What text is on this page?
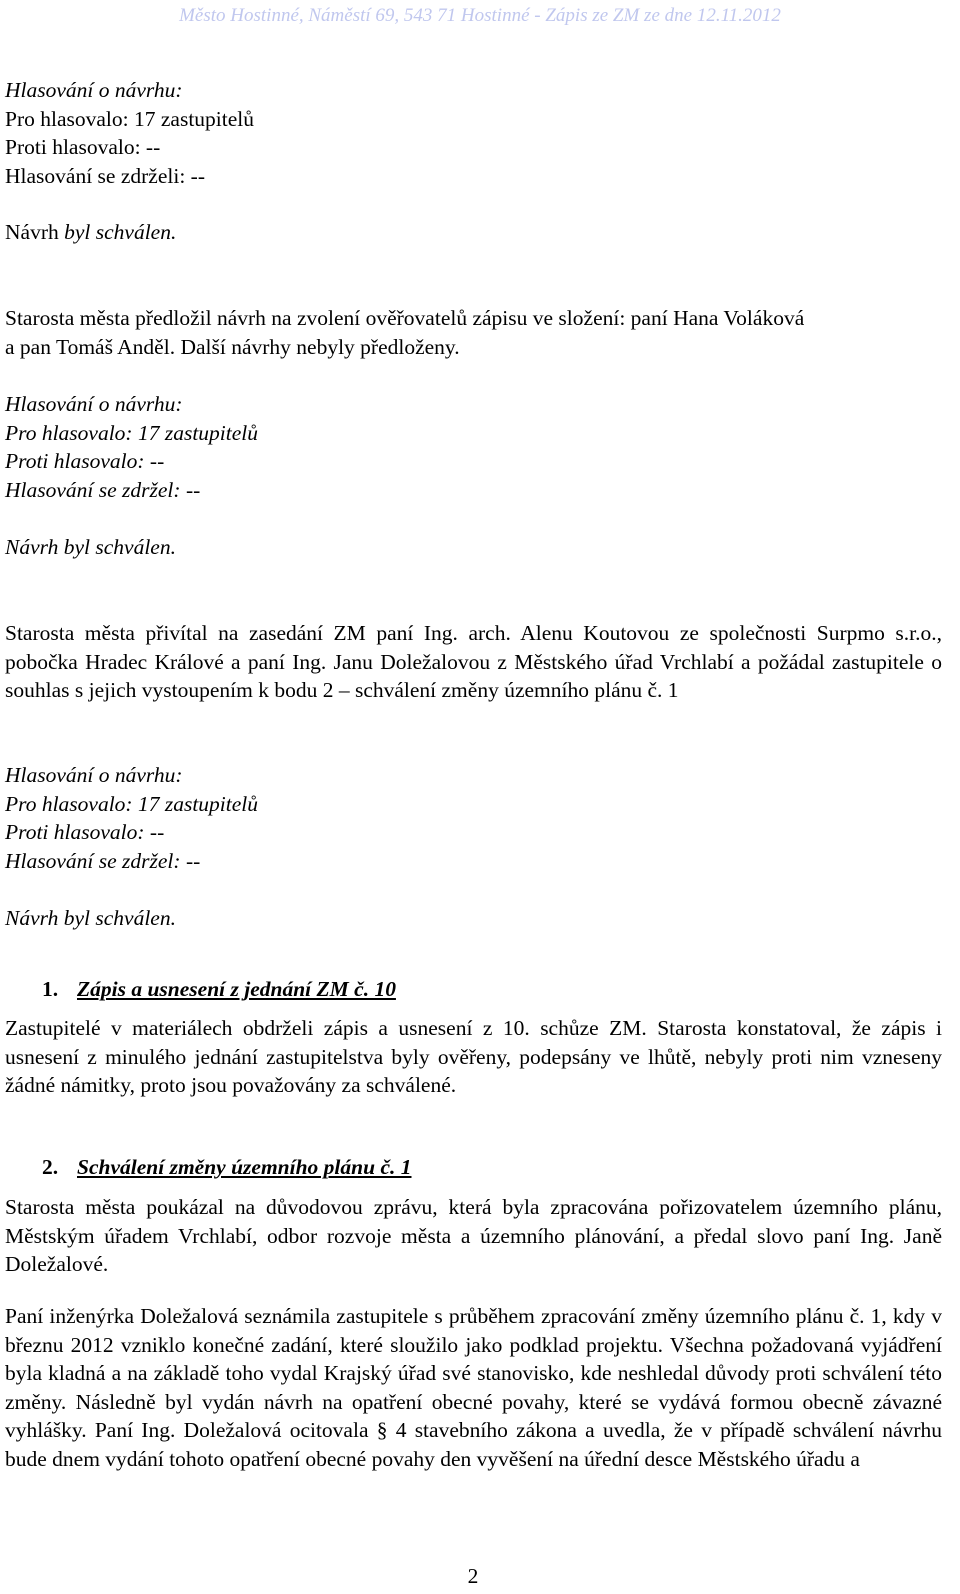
Město Hostinné, Náměstí 69, 543 71 Hostinné - Zápis ze ZM ze dne 12.11.2012
Hlasování o návrhu:
Pro hlasovalo: 17 zastupitelů
Proti hlasovalo: --
Hlasování se zdrželi: --
Návrh byl schválen.
Starosta města předložil návrh na zvolení ověřovatelů zápisu ve složení: paní Hana Voláková
a pan Tomáš Anděl. Další návrhy nebyly předloženy.
Hlasování o návrhu:
Pro hlasovalo: 17 zastupitelů
Proti hlasovalo: --
Hlasování se zdržel: --
Návrh byl schválen.
Starosta města přivítal na zasedání ZM paní Ing. arch. Alenu Koutovou ze společnosti Surpmo s.r.o., pobočka Hradec Králové a paní Ing. Janu Doležalovou z Městského úřad Vrchlabí a požádal zastupitele o souhlas s jejich vystoupením k bodu 2 – schválení změny územního plánu č. 1
Hlasování o návrhu:
Pro hlasovalo: 17 zastupitelů
Proti hlasovalo: --
Hlasování se zdržel: --
Návrh byl schválen.
1. Zápis a usnesení z jednání ZM č. 10
Zastupitelé v materiálech obdrželi zápis a usnesení z 10. schůze ZM. Starosta konstatoval, že zápis i usnesení z minulého jednání zastupitelstva byly ověřeny, podepsány ve lhůtě, nebyly proti nim vzneseny žádné námitky, proto jsou považovány za schválené.
2. Schválení změny územního plánu č. 1
Starosta města poukázal na důvodovou zprávu, která byla zpracována pořizovatelem územního plánu, Městským úřadem Vrchlabí, odbor rozvoje města a územního plánování, a předal slovo paní Ing. Janě Doležalové.
Paní inženýrka Doležalová seznámila zastupitele s průběhem zpracování změny územního plánu č. 1, kdy v březnu 2012 vzniklo konečné zadání, které sloužilo jako podklad projektu. Všechna požadovaná vyjádření byla kladná a na základě toho vydal Krajský úřad své stanovisko, kde neshledal důvody proti schválení této změny. Následně byl vydán návrh na opatření obecné povahy, které se vydává formou obecně závazné vyhlášky. Paní Ing. Doležalová ocitovala § 4 stavebního zákona a uvedla, že v případě schválení návrhu bude dnem vydání tohoto opatření obecné povahy den vyvěšení na úřední desce Městského úřadu a
2
